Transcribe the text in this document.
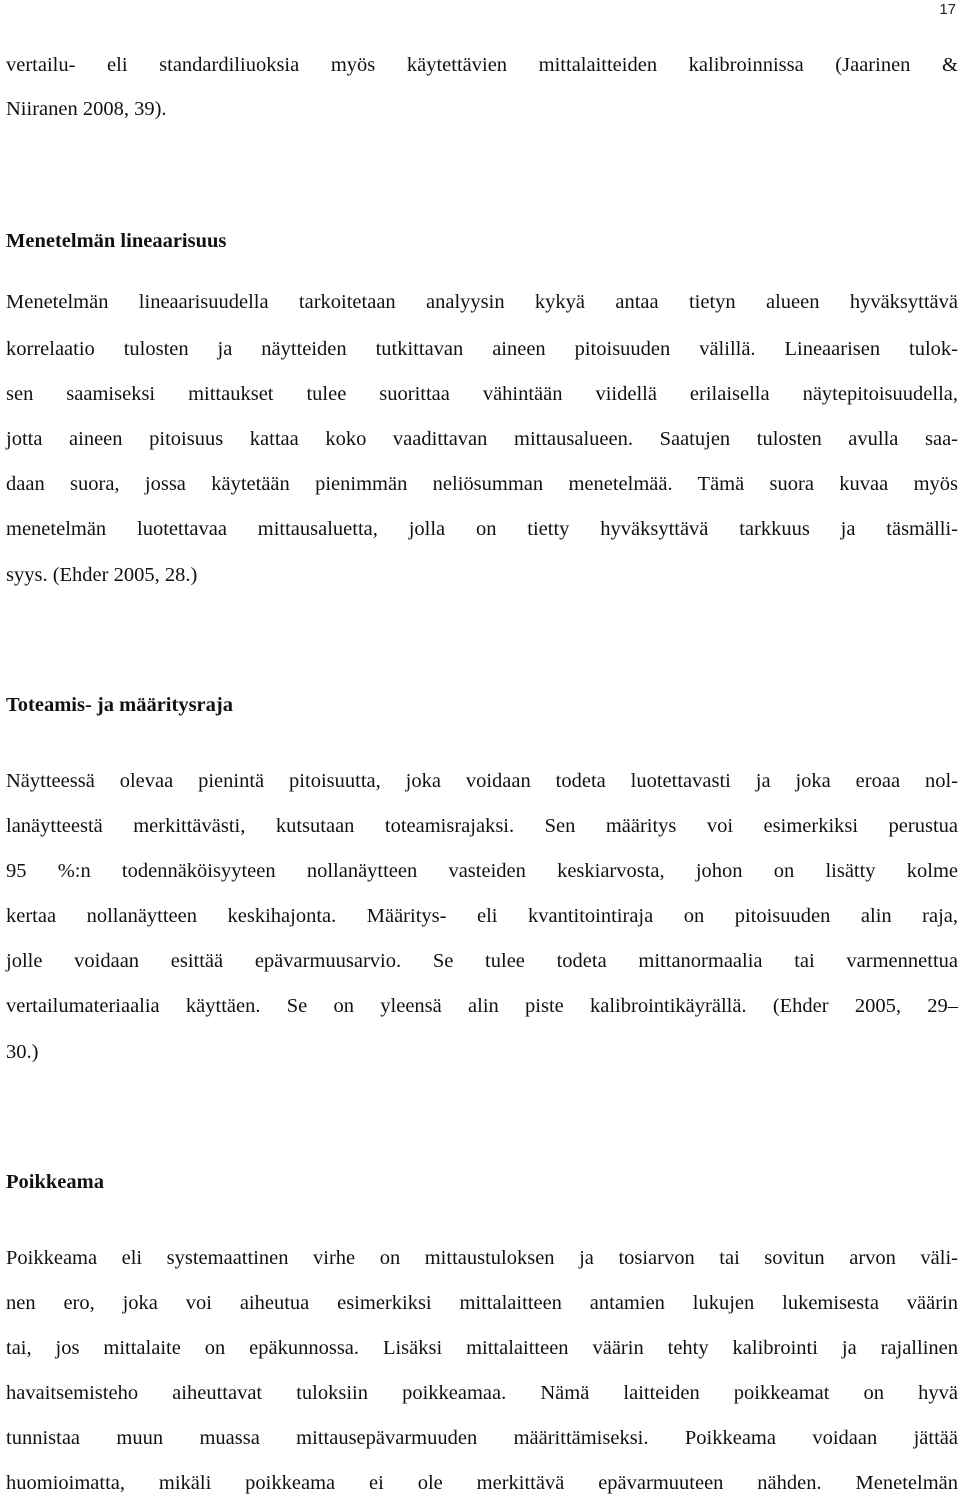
17

vertailu- eli standardiliuoksia myös käytettävien mittalaitteiden kalibroinnissa (Jaarinen &

Niiranen 2008, 39).

Menetelmän lineaarisuus

Menetelmän lineaarisuudella tarkoitetaan analyysin kykyä antaa tietyn alueen hyväksyttävä

korrelaatio tulosten ja näytteiden tutkittavan aineen pitoisuuden välillä. Lineaarisen tulok-

sen saamiseksi mittaukset tulee suorittaa vähintään viidellä erilaisella näytepitoisuudella,

jotta aineen pitoisuus kattaa koko vaadittavan mittausalueen. Saatujen tulosten avulla saa-

daan suora, jossa käytetään pienimmän neliösumman menetelmää. Tämä suora kuvaa myös

menetelmän luotettavaa mittausaluetta, jolla on tietty hyväksyttävä tarkkuus ja täsmälli-

syys. (Ehder 2005, 28.)

Toteamis- ja määritysraja

Näytteessä olevaa pienintä pitoisuutta, joka voidaan todeta luotettavasti ja joka eroaa nol-

lanäytteestä merkittävästi, kutsutaan toteamisrajaksi. Sen määritys voi esimerkiksi perustua

95 %:n todennäköisyyteen nollanäytteen vasteiden keskiarvosta, johon on lisätty kolme

kertaa nollanäytteen keskihajonta. Määritys- eli kvantitointiraja on pitoisuuden alin raja,

jolle voidaan esittää epävarmuusarvio. Se tulee todeta mittanormaalia tai varmennettua

vertailumateriaalia käyttäen. Se on yleensä alin piste kalibrointikäyrällä. (Ehder 2005, 29–

30.)

Poikkeama

Poikkeama eli systemaattinen virhe on mittaustuloksen ja tosiarvon tai sovitun arvon väli-

nen ero, joka voi aiheutua esimerkiksi mittalaitteen antamien lukujen lukemisesta väärin

tai, jos mittalaite on epäkunnossa. Lisäksi mittalaitteen väärin tehty kalibrointi ja rajallinen

havaitsemisteho aiheuttavat tuloksiin poikkeamaa. Nämä laitteiden poikkeamat on hyvä

tunnistaa muun muassa mittausepävarmuuden määrittämiseksi. Poikkeama voidaan jättää

huomioimatta, mikäli poikkeama ei ole merkittävä epävarmuuteen nähden. Menetelmän
